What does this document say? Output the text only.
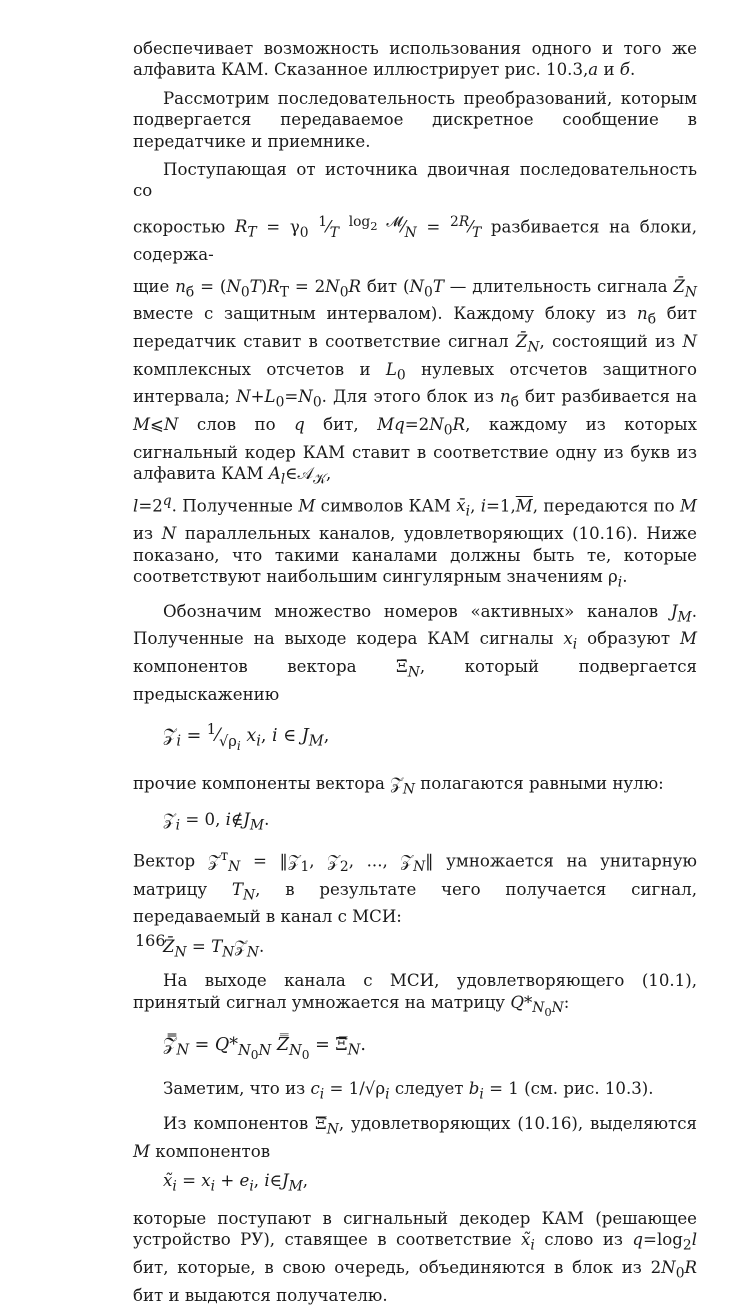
обеспечивает возможность использования одного и того же алфавита КАМ. Сказанное иллюстрирует рис. 10.3,а и б.

Рассмотрим последовательность преобразований, которым подвергается передаваемое дискретное сообщение в передатчике и приемнике.

Поступающая от источника двоичная последовательность со

скоростью $R_T = \gamma_0$ $^1⁄_T$ $^{log_2 𝓜}⁄_N$ = $^{2R}⁄_T$ разбивается на блоки, содержа-

щие $n_б = (N_0T)R_T = 2N_0R$ бит ($N_0T$ — длительность сигнала $Z̄_N$ вместе с защитным интервалом). Каждому блоку из $n_б$ бит передатчик ставит в соответствие сигнал $Z̄_N$, состоящий из N комплексных отсчетов и $L_0$ нулевых отсчетов защитного интервала; $N+L_0=N_0$. Для этого блок из $n_б$ бит разбивается на M⩽N слов по q бит, $Mq=2N_0R$, каждому из которых сигнальный кодер КАМ ставит в соответствие одну из букв из алфавита КАМ $A_l\in 𝒜_𝒦$,

$l=2^q$. Полученные M символов КАМ $x̄_i$, $i=1,\overline{M}$, передаются по M из N параллельных каналов, удовлетворяющих (10.16). Ниже показано, что такими каналами должны быть те, которые соответствуют наибольшим сингулярным значениям $\rho_i$.

Обозначим множество номеров «активных» каналов $J_M$. Полученные на выходе кодера КАМ сигналы $x_i$ образуют M компонентов вектора $\Xī_N$, который подвергается предыскажению

𝒵$_i$ = $^1⁄_{√\rho_i}$ $x_i$, i ∈ $J_M$,

прочие компоненты вектора $𝒵̄_N$ полагаются равными нулю:

𝒵$_i$ = 0, $i\notin J_M$.

Вектор 𝒵̄$^т_N$ = ‖𝒵$_1$, 𝒵$_2$, ..., 𝒵$_N$‖ умножается на унитарную матрицу $T_N$, в результате чего получается сигнал, передаваемый в канал с МСИ:

$Z̄_N$ = $T_N𝒵̄_N$.

На выходе канала с МСИ, удовлетворяющего (10.1), принятый сигнал умножается на матрицу $Q*_{N_0N}$:

$𝒵̿_N = Q*_{N_0N}$ $Z̿_{N_0}$ = $\Xi̿_N$.

Заметим, что из $c_i = 1/√\rho_i$ следует $b_i = 1$ (см. рис. 10.3).

Из компонентов $\Xi̿_N$, удовлетворяющих (10.16), выделяются M компонентов

$x̃_i = x_i + e_i$, $i\in J_M$,

которые поступают в сигнальный декодер КАМ (решающее устройство РУ), ставящее в соответствие $x̃_i$ слово из $q=\log_2l$ бит, которые, в свою очередь, объединяются в блок из $2N_0R$ бит и выдаются получателю.

166
